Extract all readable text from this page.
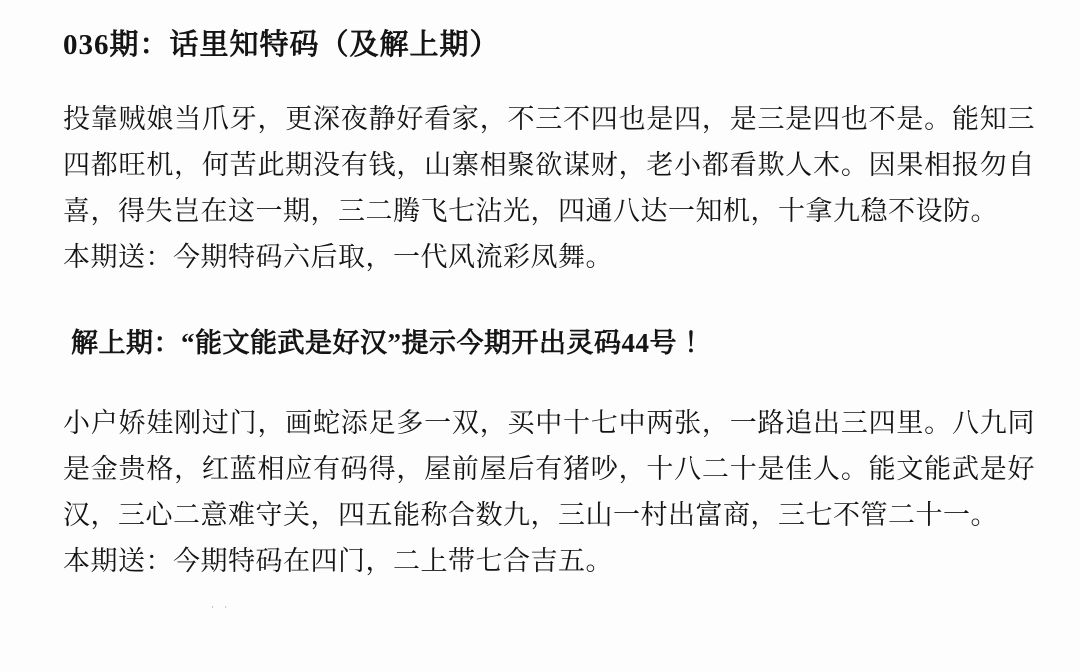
036期：话里知特码（及解上期）

投靠贼娘当爪牙，更深夜静好看家，不三不四也是四，是三是四也不是。能知三四都旺机，何苦此期没有钱，山寨相聚欲谋财，老小都看欺人木。因果相报勿自喜，得失岂在这一期，三二腾飞七沾光，四通八达一知机，十拿九稳不设防。

本期送：今期特码六后取，一代风流彩凤舞。

解上期：“能文能武是好汉”提示今期开出灵码44号 ！

小户娇娃刚过门，画蛇添足多一双，买中十七中两张，一路追出三四里。八九同是金贵格，红蓝相应有码得，屋前屋后有猪吵，十八二十是佳人。能文能武是好汉，三心二意难守关，四五能称合数九，三山一村出富商，三七不管二十一。

本期送：今期特码在四门，二上带七合吉五。

· ·
